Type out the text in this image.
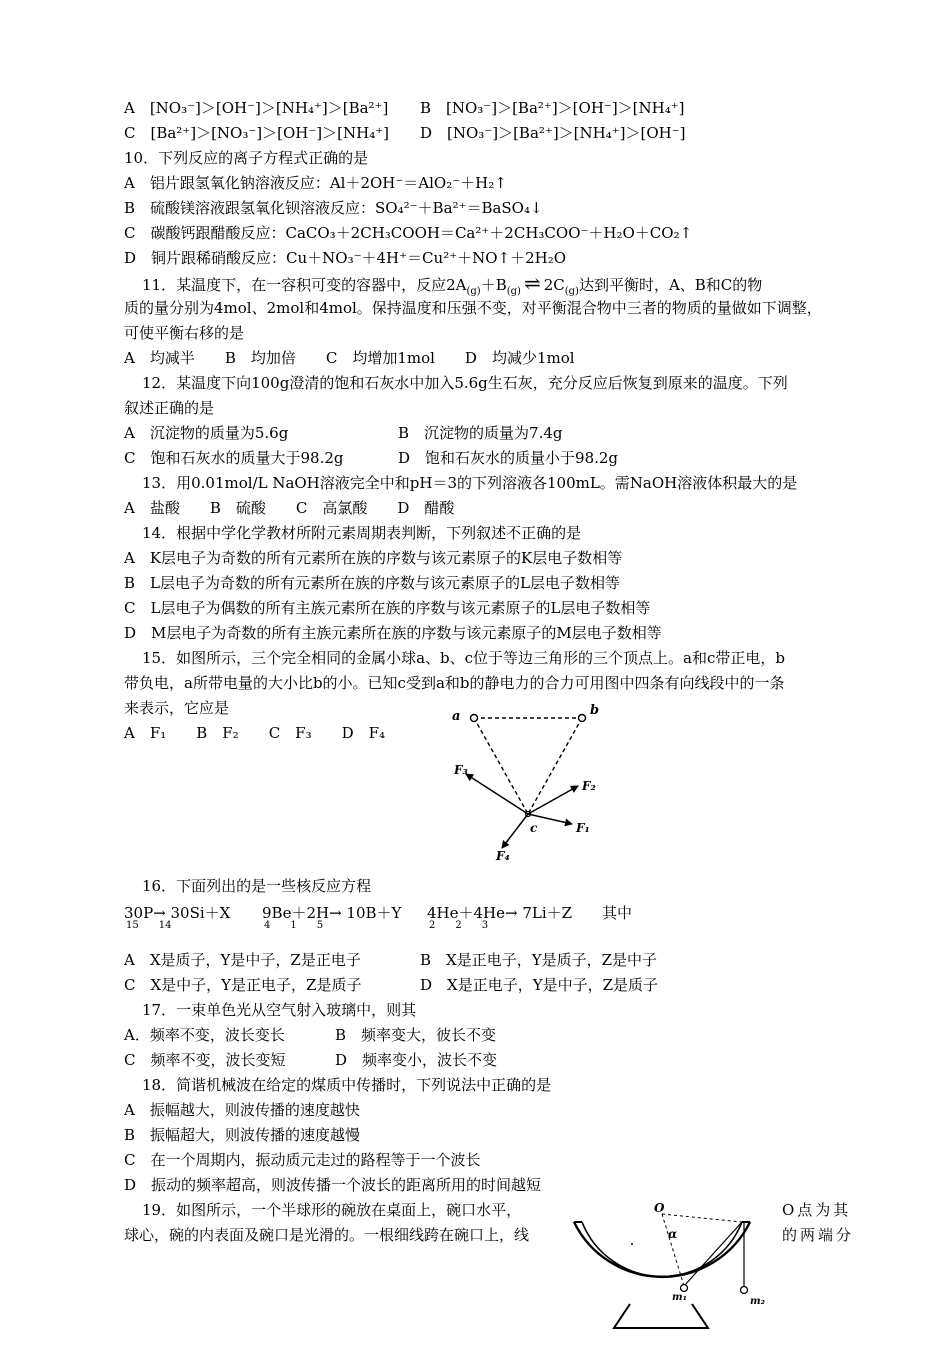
A　[NO₃⁻]＞[OH⁻]＞[NH₄⁺]＞[Ba²⁺] B　[NO₃⁻]＞[Ba²⁺]＞[OH⁻]＞[NH₄⁺]
C　[Ba²⁺]＞[NO₃⁻]＞[OH⁻]＞[NH₄⁺] D　[NO₃⁻]＞[Ba²⁺]＞[NH₄⁺]＞[OH⁻]
10．下列反应的离子方程式正确的是
A　铝片跟氢氧化钠溶液反应：Al＋2OH⁻＝AlO₂⁻＋H₂↑
B　硫酸镁溶液跟氢氧化钡溶液反应：SO₄²⁻＋Ba²⁺＝BaSO₄↓
C　碳酸钙跟醋酸反应：CaCO₃＋2CH₃COOH＝Ca²⁺＋2CH₃COO⁻＋H₂O＋CO₂↑
D　铜片跟稀硝酸反应：Cu＋NO₃⁻＋4H⁺＝Cu²⁺＋NO↑＋2H₂O
11．某温度下，在一容积可变的容器中，反应$2A_{(g)}+B_{(g)}$ ⇌ $2C_{(g)}$达到平衡时，A、B和C的物
质的量分别为4mol、2mol和4mol。保持温度和压强不变，对平衡混合物中三者的物质的量做如下调整，
可使平衡右移的是
A　均减半　　B　均加倍　　C　均增加1mol　　D　均减少1mol
12．某温度下向100g澄清的饱和石灰水中加入5.6g生石灰，充分反应后恢复到原来的温度。下列
叙述正确的是
A　沉淀物的质量为5.6g	B　沉淀物的质量为7.4g
C　饱和石灰水的质量大于98.2g	D　饱和石灰水的质量小于98.2g
13．用0.01mol/L NaOH溶液完全中和pH＝3的下列溶液各100mL。需NaOH溶液体积最大的是
A　盐酸　　B　硫酸　　C　高氯酸　　D　醋酸
14．根据中学化学教材所附元素周期表判断，下列叙述不正确的是
A　K层电子为奇数的所有元素所在族的序数与该元素原子的K层电子数相等
B　L层电子为奇数的所有元素所在族的序数与该元素原子的L层电子数相等
C　L层电子为偶数的所有主族元素所在族的序数与该元素原子的L层电子数相等
D　M层电子为奇数的所有主族元素所在族的序数与该元素原子的M层电子数相等
15．如图所示，三个完全相同的金属小球a、b、c位于等边三角形的三个顶点上。a和c带正电，b
带负电，a所带电量的大小比b的小。已知c受到a和b的静电力的合力可用图中四条有向线段中的一条
来表示，它应是
A　F₁　　B　F₂　　C　F₃　　D　F₄
a	b
c
F₃
F₂
F₁
F₄
16．下面列出的是一些核反应方程
30P→ 30Si＋X
15　　14
9Be＋2H→ 10B＋Y
4　　1　　5
4He＋4He→ 7Li＋Z
2　　2　　3
其中
A　X是质子，Y是中子，Z是正电子	B　X是正电子，Y是质子，Z是中子
C　X是中子，Y是正电子，Z是质子	D　X是正电子，Y是中子，Z是质子
17．一束单色光从空气射入玻璃中，则其
A．频率不变，波长变长	B　频率变大，彼长不变
C　频率不变，波长变短	D　频率变小，波长不变
18．简谐机械波在给定的煤质中传播时，下列说法中正确的是
A　振幅越大，则波传播的速度越快
B　振幅超大，则波传播的速度越慢
C　在一个周期内，振动质元走过的路程等于一个波长
D　振动的频率超高，则波传播一个波长的距离所用的时间越短
19．如图所示，一个半球形的碗放在桌面上，碗口水平，	O点为其
球心，碗的内表面及碗口是光滑的。一根细线跨在碗口上，线	的两端分
O
α
m₁	m₂
